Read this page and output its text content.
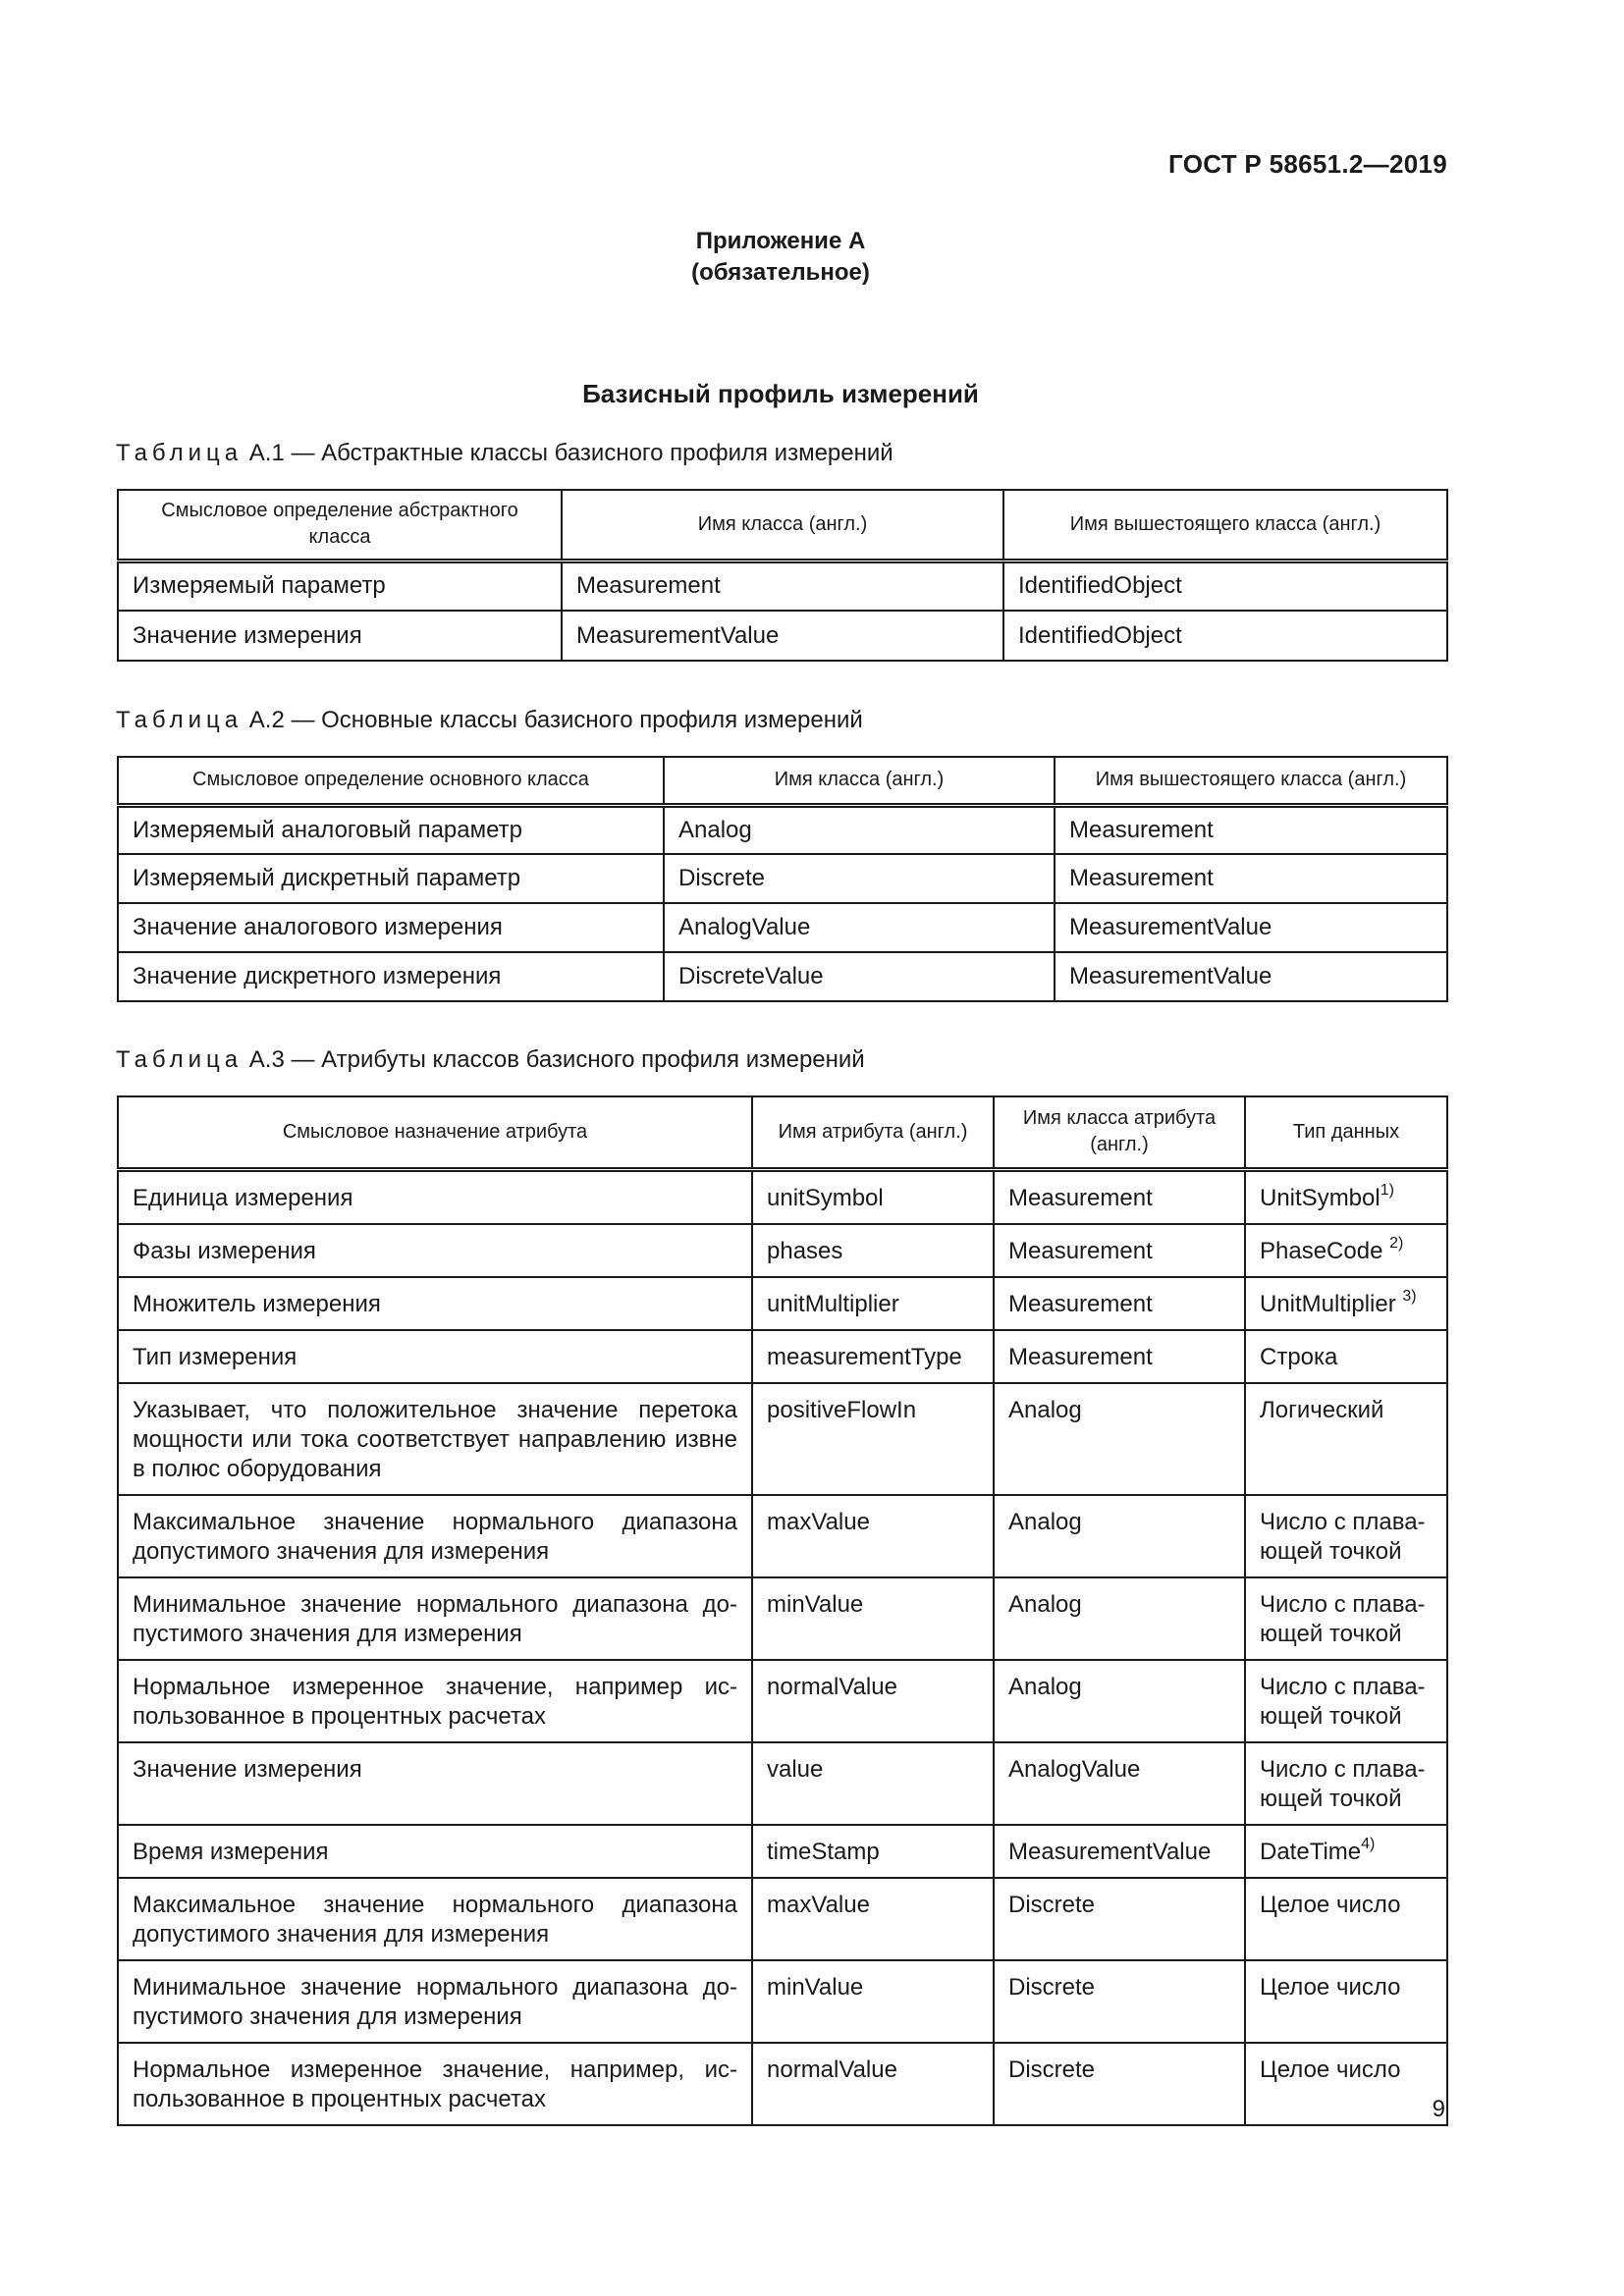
ГОСТ Р 58651.2—2019
Приложение А
(обязательное)
Базисный профиль измерений
Таблица А.1 — Абстрактные классы базисного профиля измерений
Смысловое определение абстрактного класса	Имя класса (англ.)	Имя вышестоящего класса (англ.)
Измеряемый параметр	Measurement	IdentifiedObject
Значение измерения	MeasurementValue	IdentifiedObject
Таблица А.2 — Основные классы базисного профиля измерений
Смысловое определение основного класса	Имя класса (англ.)	Имя вышестоящего класса (англ.)
Измеряемый аналоговый параметр	Analog	Measurement
Измеряемый дискретный параметр	Discrete	Measurement
Значение аналогового измерения	AnalogValue	MeasurementValue
Значение дискретного измерения	DiscreteValue	MeasurementValue
Таблица А.3 — Атрибуты классов базисного профиля измерений
Смысловое назначение атрибута	Имя атрибута (англ.)	Имя класса атрибута (англ.)	Тип данных
Единица измерения	unitSymbol	Measurement	UnitSymbol$^{1)}$
Фазы измерения	phases	Measurement	PhaseCode $^{2)}$
Множитель измерения	unitMultiplier	Measurement	UnitMultiplier $^{3)}$
Тип измерения	measurementType	Measurement	Строка
Указывает, что положительное значение перетока мощности или тока соответствует направлению извне в полюс оборудования	positiveFlowIn	Analog	Логический
Максимальное значение нормального диапазона допустимого значения для измерения	maxValue	Analog	Число с плава-ющей точкой
Минимальное значение нормального диапазона до-пустимого значения для измерения	minValue	Analog	Число с плава-ющей точкой
Нормальное измеренное значение, например ис-пользованное в процентных расчетах	normalValue	Analog	Число с плава-ющей точкой
Значение измерения	value	AnalogValue	Число с плава-ющей точкой
Время измерения	timeStamp	MeasurementValue	DateTime$^{4)}$
Максимальное значение нормального диапазона допустимого значения для измерения	maxValue	Discrete	Целое число
Минимальное значение нормального диапазона до-пустимого значения для измерения	minValue	Discrete	Целое число
Нормальное измеренное значение, например, ис-пользованное в процентных расчетах	normalValue	Discrete	Целое число
9
